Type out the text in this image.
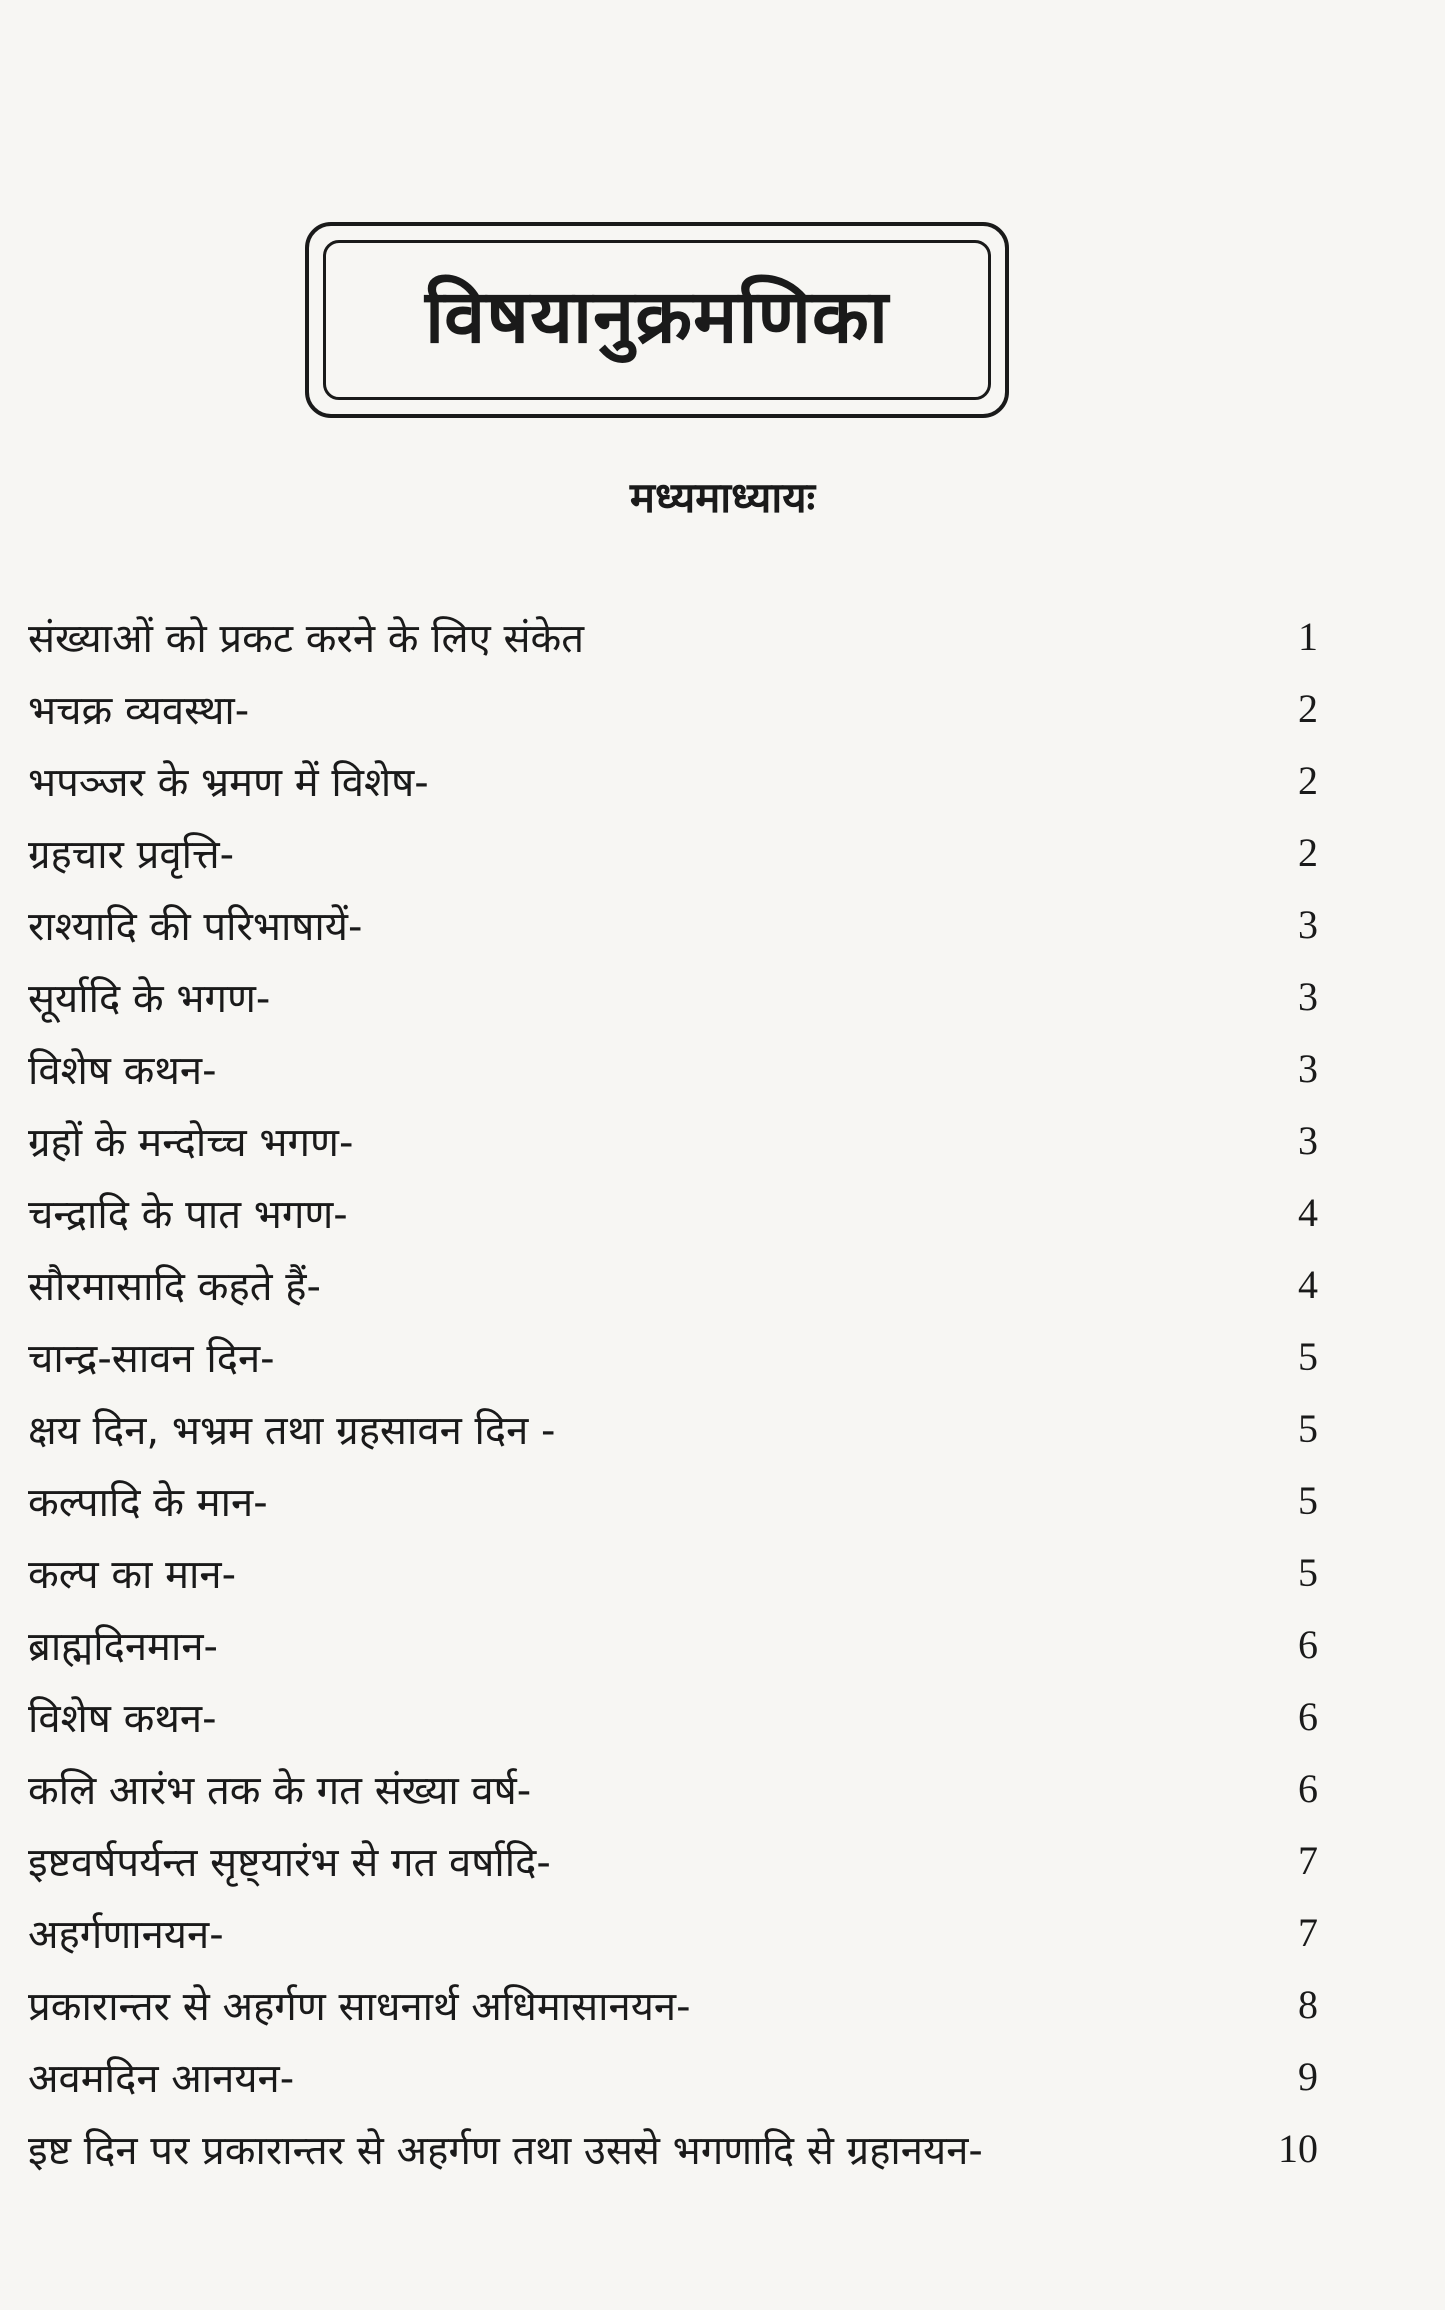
विषयानुक्रमणिका
मध्यमाध्यायः
संख्याओं को प्रकट करने के लिए संकेत	1
भचक्र व्यवस्था-	2
भपञ्जर के भ्रमण में विशेष-	2
ग्रहचार प्रवृत्ति-	2
राश्यादि की परिभाषायें-	3
सूर्यादि के भगण-	3
विशेष कथन-	3
ग्रहों के मन्दोच्च भगण-	3
चन्द्रादि के पात भगण-	4
सौरमासादि कहते हैं-	4
चान्द्र-सावन दिन-	5
क्षय दिन, भभ्रम तथा ग्रहसावन दिन -	5
कल्पादि के मान-	5
कल्प का मान-	5
ब्राह्मदिनमान-	6
विशेष कथन-	6
कलि आरंभ तक के गत संख्या वर्ष-	6
इष्टवर्षपर्यन्त सृष्ट्यारंभ से गत वर्षादि-	7
अहर्गणानयन-	7
प्रकारान्तर से अहर्गण साधनार्थ अधिमासानयन-	8
अवमदिन आनयन-	9
इष्ट दिन पर प्रकारान्तर से अहर्गण तथा उससे भगणादि से ग्रहानयन-	10
